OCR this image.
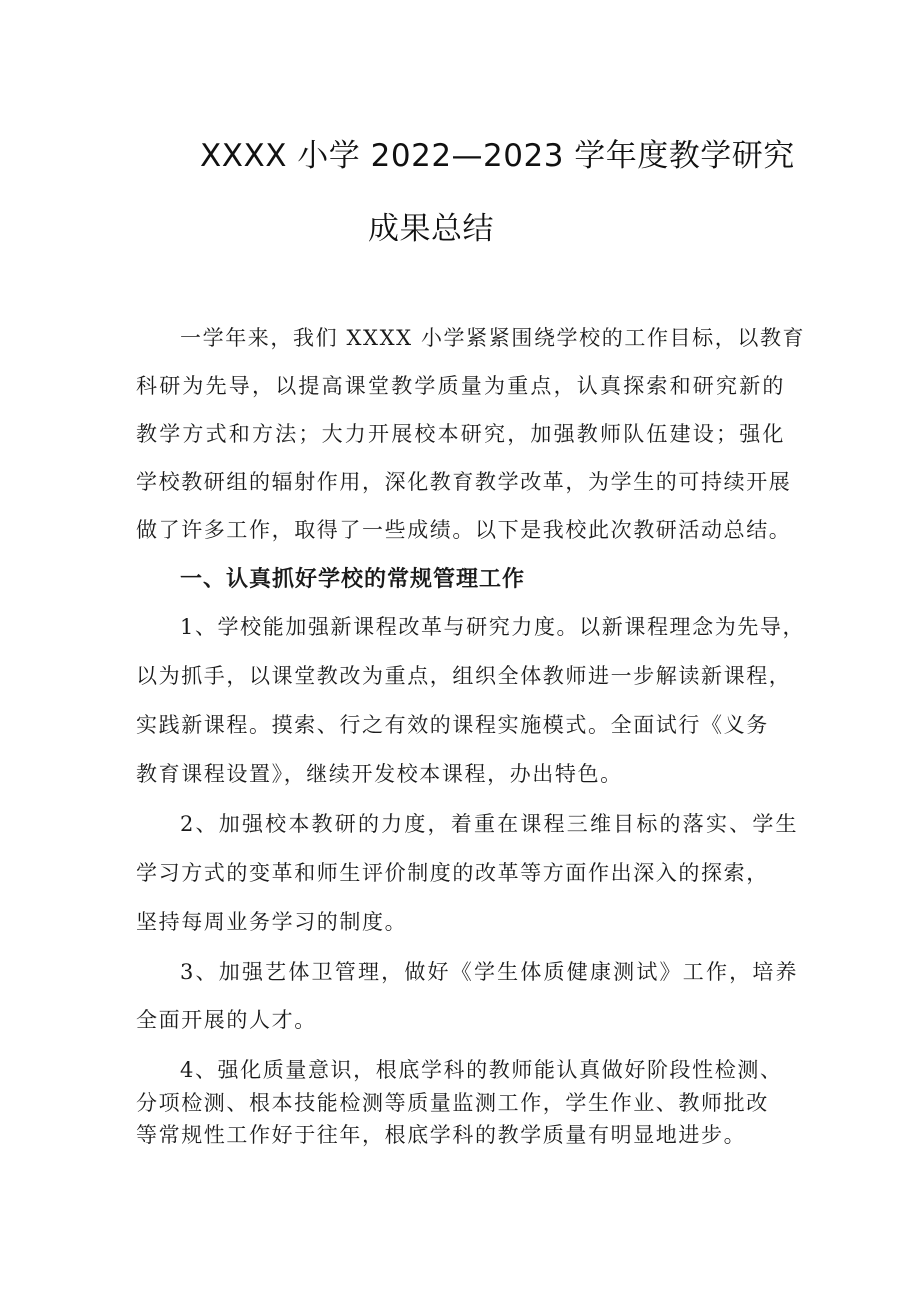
XXXX 小学 2022—2023 学年度教学研究
成果总结
一学年来，我们 XXXX 小学紧紧围绕学校的工作目标，以教育
科研为先导，以提高课堂教学质量为重点，认真探索和研究新的
教学方式和方法；大力开展校本研究，加强教师队伍建设；强化
学校教研组的辐射作用，深化教育教学改革，为学生的可持续开展
做了许多工作，取得了一些成绩。以下是我校此次教研活动总结。
一、认真抓好学校的常规管理工作
1、学校能加强新课程改革与研究力度。以新课程理念为先导，
以为抓手，以课堂教改为重点，组织全体教师进一步解读新课程，
实践新课程。摸索、行之有效的课程实施模式。全面试行《义务
教育课程设置》，继续开发校本课程，办出特色。
2、加强校本教研的力度，着重在课程三维目标的落实、学生
学习方式的变革和师生评价制度的改革等方面作出深入的探索，
坚持每周业务学习的制度。
3、加强艺体卫管理，做好《学生体质健康测试》工作，培养
全面开展的人才。
4、强化质量意识，根底学科的教师能认真做好阶段性检测、
分项检测、根本技能检测等质量监测工作，学生作业、教师批改
等常规性工作好于往年，根底学科的教学质量有明显地进步。
